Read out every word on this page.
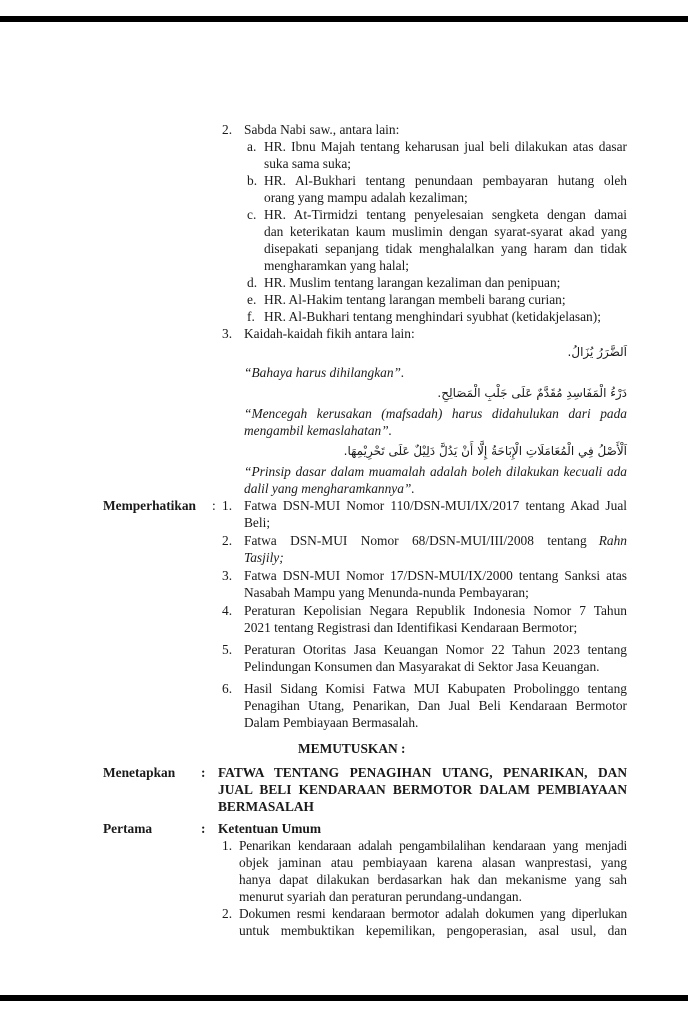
2. Sabda Nabi saw., antara lain:
a. HR. Ibnu Majah tentang keharusan jual beli dilakukan atas dasar
suka sama suka;
b. HR. Al-Bukhari tentang penundaan pembayaran hutang oleh
orang yang mampu adalah kezaliman;
c. HR. At-Tirmidzi tentang penyelesaian sengketa dengan damai
dan keterikatan kaum muslimin dengan syarat-syarat akad yang
disepakati sepanjang tidak menghalalkan yang haram dan tidak
mengharamkan yang halal;
d. HR. Muslim tentang larangan kezaliman dan penipuan;
e. HR. Al-Hakim tentang larangan membeli barang curian;
f. HR. Al-Bukhari tentang menghindari syubhat (ketidakjelasan);
3. Kaidah-kaidah fikih antara lain:
اَلضَّرَرُ يُزَالُ.
“Bahaya harus dihilangkan”.
دَرْءُ الْمَفَاسِدِ مُقَدَّمٌ عَلَى جَلْبِ الْمَصَالِحِ.
“Mencegah kerusakan (mafsadah) harus didahulukan dari pada
mengambil kemaslahatan”.
اَلْأَصْلُ فِي الْمُعَامَلَاتِ الْإِبَاحَةُ إِلَّا أَنْ يَدُلَّ دَلِيْلٌ عَلَى تَحْرِيْمِهَا.
“Prinsip dasar dalam muamalah adalah boleh dilakukan kecuali ada
dalil yang mengharamkannya”.
Memperhatikan : 1. Fatwa DSN-MUI Nomor 110/DSN-MUI/IX/2017 tentang Akad Jual
Beli;
2. Fatwa DSN-MUI Nomor 68/DSN-MUI/III/2008 tentang Rahn
Tasjily;
3. Fatwa DSN-MUI Nomor 17/DSN-MUI/IX/2000 tentang Sanksi atas
Nasabah Mampu yang Menunda-nunda Pembayaran;
4. Peraturan Kepolisian Negara Republik Indonesia Nomor 7 Tahun
2021 tentang Registrasi dan Identifikasi Kendaraan Bermotor;
5. Peraturan Otoritas Jasa Keuangan Nomor 22 Tahun 2023 tentang
Pelindungan Konsumen dan Masyarakat di Sektor Jasa Keuangan.
6. Hasil Sidang Komisi Fatwa MUI Kabupaten Probolinggo tentang
Penagihan Utang, Penarikan, Dan Jual Beli Kendaraan Bermotor
Dalam Pembiayaan Bermasalah.
MEMUTUSKAN :
Menetapkan : FATWA TENTANG PENAGIHAN UTANG, PENARIKAN, DAN
JUAL BELI KENDARAAN BERMOTOR DALAM PEMBIAYAAN
BERMASALAH
Pertama	: Ketentuan Umum
1. Penarikan kendaraan adalah pengambilalihan kendaraan yang menjadi
objek jaminan atau pembiayaan karena alasan wanprestasi, yang
hanya dapat dilakukan berdasarkan hak dan mekanisme yang sah
menurut syariah dan peraturan perundang-undangan.
2. Dokumen resmi kendaraan bermotor adalah dokumen yang diperlukan
untuk membuktikan kepemilikan, pengoperasian, asal usul, dan
